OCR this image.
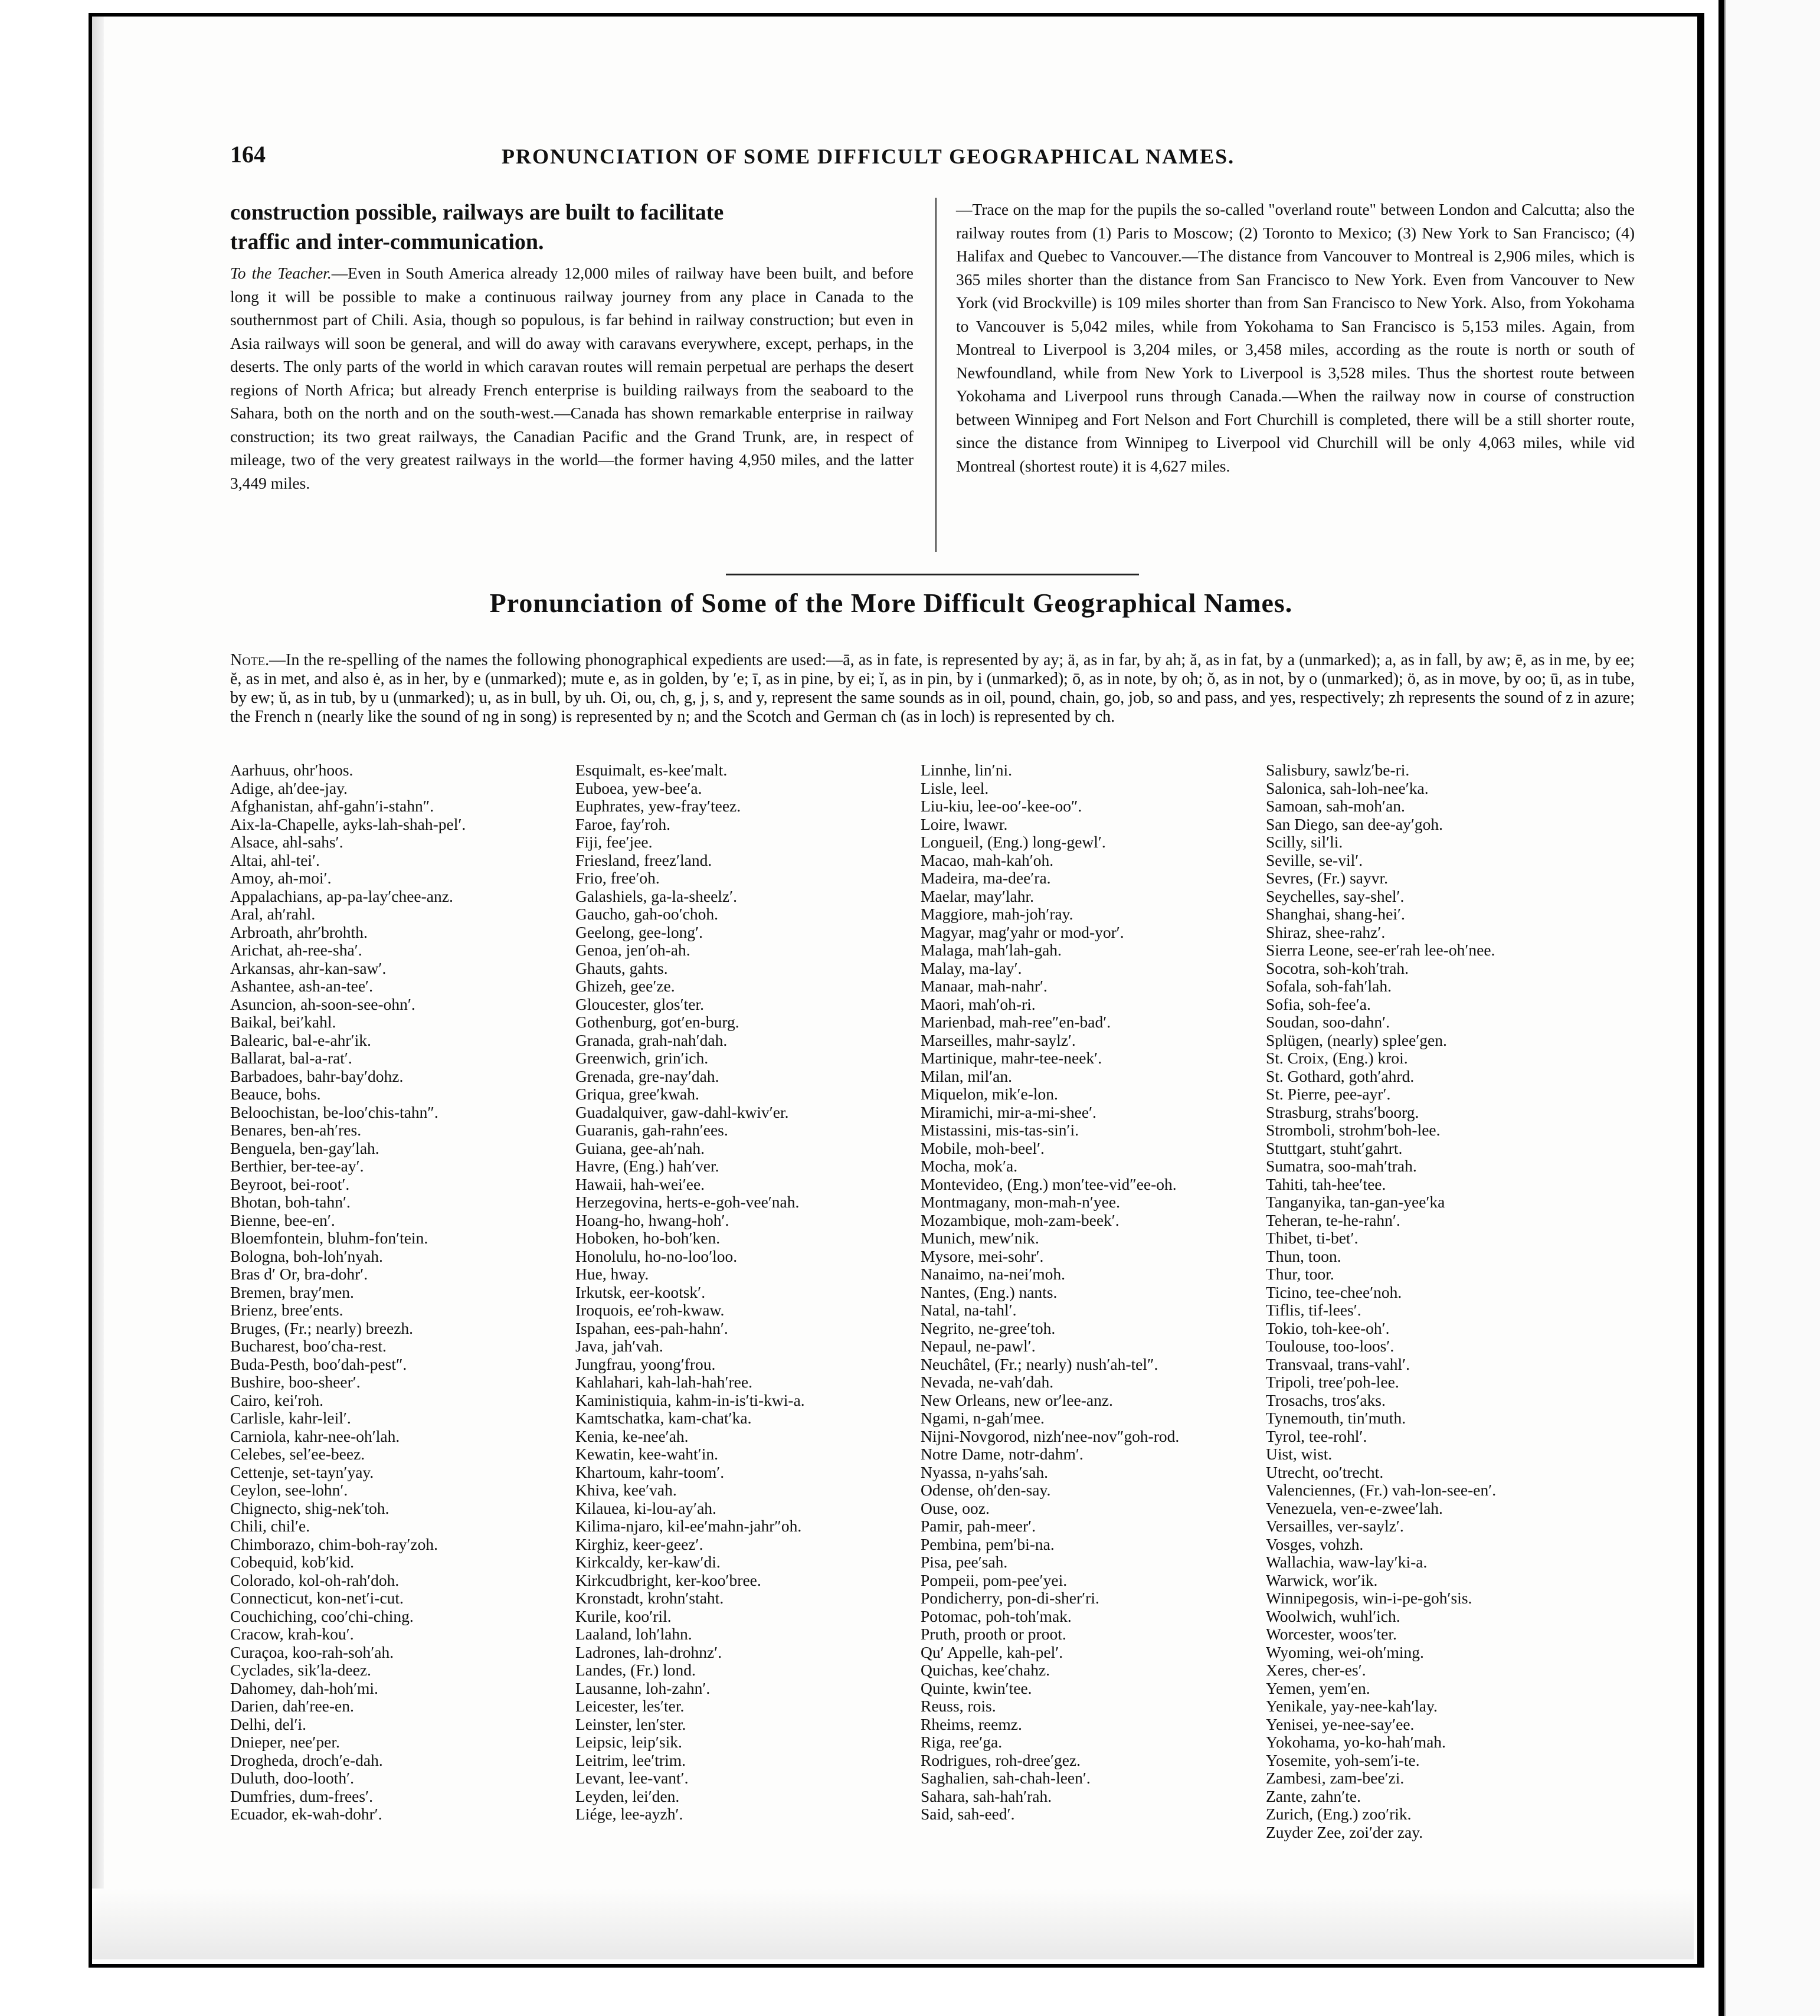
164	PRONUNCIATION OF SOME DIFFICULT GEOGRAPHICAL NAMES.
construction possible, railways are built to facilitate
traffic and inter-communication.

To the Teacher.—Even in South America already 12,000 miles of railway have been built, and before long it will be possible to make a continuous railway journey from any place in Canada to the southernmost part of Chili. Asia, though so populous, is far behind in railway construction; but even in Asia railways will soon be general, and will do away with caravans everywhere, except, perhaps, in the deserts. The only parts of the world in which caravan routes will remain perpetual are perhaps the desert regions of North Africa; but already French enterprise is building railways from the seaboard to the Sahara, both on the north and on the south-west.—Canada has shown remarkable enterprise in railway construction; its two great railways, the Canadian Pacific and the Grand Trunk, are, in respect of mileage, two of the very greatest railways in the world—the former having 4,950 miles, and the latter 3,449 miles.

—Trace on the map for the pupils the so-called "overland route" between London and Calcutta; also the railway routes from (1) Paris to Moscow; (2) Toronto to Mexico; (3) New York to San Francisco; (4) Halifax and Quebec to Vancouver.—The distance from Vancouver to Montreal is 2,906 miles, which is 365 miles shorter than the distance from San Francisco to New York. Even from Vancouver to New York (vid Brockville) is 109 miles shorter than from San Francisco to New York. Also, from Yokohama to Vancouver is 5,042 miles, while from Yokohama to San Francisco is 5,153 miles. Again, from Montreal to Liverpool is 3,204 miles, or 3,458 miles, according as the route is north or south of Newfoundland, while from New York to Liverpool is 3,528 miles. Thus the shortest route between Yokohama and Liverpool runs through Canada.—When the railway now in course of construction between Winnipeg and Fort Nelson and Fort Churchill is completed, there will be a still shorter route, since the distance from Winnipeg to Liverpool vid Churchill will be only 4,063 miles, while vid Montreal (shortest route) it is 4,627 miles.

Pronunciation of Some of the More Difficult Geographical Names.

Note.—In the re-spelling of the names the following phonographical expedients are used:—ā, as in fate, is represented by ay; ä, as in far, by ah; ă, as in fat, by a (unmarked); a, as in fall, by aw; ē, as in me, by ee; ĕ, as in met, and also ė, as in her, by e (unmarked); mute e, as in golden, by ′e; ī, as in pine, by ei; ĭ, as in pin, by i (unmarked); ō, as in note, by oh; ŏ, as in not, by o (unmarked); ö, as in move, by oo; ū, as in tube, by ew; ŭ, as in tub, by u (unmarked); u, as in bull, by uh. Oi, ou, ch, g, j, s, and y, represent the same sounds as in oil, pound, chain, go, job, so and pass, and yes, respectively; zh represents the sound of z in azure; the French n (nearly like the sound of ng in song) is represented by n; and the Scotch and German ch (as in loch) is represented by ch.

Aarhuus, ohr′hoos.
Adige, ah′dee-jay.
Afghanistan, ahf-gahn′i-stahn″.
Aix-la-Chapelle, ayks-lah-shah-pel′.
Alsace, ahl-sahs′.
Altai, ahl-tei′.
Amoy, ah-moi′.
Appalachians, ap-pa-lay′chee-anz.
Aral, ah′rahl.
Arbroath, ahr′brohth.
Arichat, ah-ree-sha′.
Arkansas, ahr-kan-saw′.
Ashantee, ash-an-tee′.
Asuncion, ah-soon-see-ohn′.
Baikal, bei′kahl.
Balearic, bal-e-ahr′ik.
Ballarat, bal-a-rat′.
Barbadoes, bahr-bay′dohz.
Beauce, bohs.
Beloochistan, be-loo′chis-tahn″.
Benares, ben-ah′res.
Benguela, ben-gay′lah.
Berthier, ber-tee-ay′.
Beyroot, bei-root′.
Bhotan, boh-tahn′.
Bienne, bee-en′.
Bloemfontein, bluhm-fon′tein.
Bologna, boh-loh′nyah.
Bras d′ Or, bra-dohr′.
Bremen, bray′men.
Brienz, bree′ents.
Bruges, (Fr.; nearly) breezh.
Bucharest, boo′cha-rest.
Buda-Pesth, boo′dah-pest″.
Bushire, boo-sheer′.
Cairo, kei′roh.
Carlisle, kahr-leil′.
Carniola, kahr-nee-oh′lah.
Celebes, sel′ee-beez.
Cettenje, set-tayn′yay.
Ceylon, see-lohn′.
Chignecto, shig-nek′toh.
Chili, chil′e.
Chimborazo, chim-boh-ray′zoh.
Cobequid, kob′kid.
Colorado, kol-oh-rah′doh.
Connecticut, kon-net′i-cut.
Couchiching, coo′chi-ching.
Cracow, krah-kou′.
Curaçoa, koo-rah-soh′ah.
Cyclades, sik′la-deez.
Dahomey, dah-hoh′mi.
Darien, dah′ree-en.
Delhi, del′i.
Dnieper, nee′per.
Drogheda, droch′e-dah.
Duluth, doo-looth′.
Dumfries, dum-frees′.
Ecuador, ek-wah-dohr′.
Esquimalt, es-kee′malt.
Euboea, yew-bee′a.
Euphrates, yew-fray′teez.
Faroe, fay′roh.
Fiji, fee′jee.
Friesland, freez′land.
Frio, free′oh.
Galashiels, ga-la-sheelz′.
Gaucho, gah-oo′choh.
Geelong, gee-long′.
Genoa, jen′oh-ah.
Ghauts, gahts.
Ghizeh, gee′ze.
Gloucester, glos′ter.
Gothenburg, got′en-burg.
Granada, grah-nah′dah.
Greenwich, grin′ich.
Grenada, gre-nay′dah.
Griqua, gree′kwah.
Guadalquiver, gaw-dahl-kwiv′er.
Guaranis, gah-rahn′ees.
Guiana, gee-ah′nah.
Havre, (Eng.) hah′ver.
Hawaii, hah-wei′ee.
Herzegovina, herts-e-goh-vee′nah.
Hoang-ho, hwang-hoh′.
Hoboken, ho-boh′ken.
Honolulu, ho-no-loo′loo.
Hue, hway.
Irkutsk, eer-kootsk′.
Iroquois, ee′roh-kwaw.
Ispahan, ees-pah-hahn′.
Java, jah′vah.
Jungfrau, yoong′frou.
Kahlahari, kah-lah-hah′ree.
Kaministiquia, kahm-in-is′ti-kwi-a.
Kamtschatka, kam-chat′ka.
Kenia, ke-nee′ah.
Kewatin, kee-waht′in.
Khartoum, kahr-toom′.
Khiva, kee′vah.
Kilauea, ki-lou-ay′ah.
Kilima-njaro, kil-ee′mahn-jahr″oh.
Kirghiz, keer-geez′.
Kirkcaldy, ker-kaw′di.
Kirkcudbright, ker-koo′bree.
Kronstadt, krohn′staht.
Kurile, koo′ril.
Laaland, loh′lahn.
Ladrones, lah-drohnz′.
Landes, (Fr.) lond.
Lausanne, loh-zahn′.
Leicester, les′ter.
Leinster, len′ster.
Leipsic, leip′sik.
Leitrim, lee′trim.
Levant, lee-vant′.
Leyden, lei′den.
Liége, lee-ayzh′.
Linnhe, lin′ni.
Lisle, leel.
Liu-kiu, lee-oo′-kee-oo″.
Loire, lwawr.
Longueil, (Eng.) long-gewl′.
Macao, mah-kah′oh.
Madeira, ma-dee′ra.
Maelar, may′lahr.
Maggiore, mah-joh′ray.
Magyar, mag′yahr or mod-yor′.
Malaga, mah′lah-gah.
Malay, ma-lay′.
Manaar, mah-nahr′.
Maori, mah′oh-ri.
Marienbad, mah-ree″en-bad′.
Marseilles, mahr-saylz′.
Martinique, mahr-tee-neek′.
Milan, mil′an.
Miquelon, mik′e-lon.
Miramichi, mir-a-mi-shee′.
Mistassini, mis-tas-sin′i.
Mobile, moh-beel′.
Mocha, mok′a.
Montevideo, (Eng.) mon′tee-vid″ee-oh.
Montmagany, mon-mah-n′yee.
Mozambique, moh-zam-beek′.
Munich, mew′nik.
Mysore, mei-sohr′.
Nanaimo, na-nei′moh.
Nantes, (Eng.) nants.
Natal, na-tahl′.
Negrito, ne-gree′toh.
Nepaul, ne-pawl′.
Neuchâtel, (Fr.; nearly) nush′ah-tel″.
Nevada, ne-vah′dah.
New Orleans, new or′lee-anz.
Ngami, n-gah′mee.
Nijni-Novgorod, nizh′nee-nov″goh-rod.
Notre Dame, notr-dahm′.
Nyassa, n-yahs′sah.
Odense, oh′den-say.
Ouse, ooz.
Pamir, pah-meer′.
Pembina, pem′bi-na.
Pisa, pee′sah.
Pompeii, pom-pee′yei.
Pondicherry, pon-di-sher′ri.
Potomac, poh-toh′mak.
Pruth, prooth or proot.
Qu′ Appelle, kah-pel′.
Quichas, kee′chahz.
Quinte, kwin′tee.
Reuss, rois.
Rheims, reemz.
Riga, ree′ga.
Rodrigues, roh-dree′gez.
Saghalien, sah-chah-leen′.
Sahara, sah-hah′rah.
Said, sah-eed′.
Salisbury, sawlz′be-ri.
Salonica, sah-loh-nee′ka.
Samoan, sah-moh′an.
San Diego, san dee-ay′goh.
Scilly, sil′li.
Seville, se-vil′.
Sevres, (Fr.) sayvr.
Seychelles, say-shel′.
Shanghai, shang-hei′.
Shiraz, shee-rahz′.
Sierra Leone, see-er′rah lee-oh′nee.
Socotra, soh-koh′trah.
Sofala, soh-fah′lah.
Sofia, soh-fee′a.
Soudan, soo-dahn′.
Splügen, (nearly) splee′gen.
St. Croix, (Eng.) kroi.
St. Gothard, goth′ahrd.
St. Pierre, pee-ayr′.
Strasburg, strahs′boorg.
Stromboli, strohm′boh-lee.
Stuttgart, stuht′gahrt.
Sumatra, soo-mah′trah.
Tahiti, tah-hee′tee.
Tanganyika, tan-gan-yee′ka
Teheran, te-he-rahn′.
Thibet, ti-bet′.
Thun, toon.
Thur, toor.
Ticino, tee-chee′noh.
Tiflis, tif-lees′.
Tokio, toh-kee-oh′.
Toulouse, too-loos′.
Transvaal, trans-vahl′.
Tripoli, tree′poh-lee.
Trosachs, tros′aks.
Tynemouth, tin′muth.
Tyrol, tee-rohl′.
Uist, wist.
Utrecht, oo′trecht.
Valenciennes, (Fr.) vah-lon-see-en′.
Venezuela, ven-e-zwee′lah.
Versailles, ver-saylz′.
Vosges, vohzh.
Wallachia, waw-lay′ki-a.
Warwick, wor′ik.
Winnipegosis, win-i-pe-goh′sis.
Woolwich, wuhl′ich.
Worcester, woos′ter.
Wyoming, wei-oh′ming.
Xeres, cher-es′.
Yemen, yem′en.
Yenikale, yay-nee-kah′lay.
Yenisei, ye-nee-say′ee.
Yokohama, yo-ko-hah′mah.
Yosemite, yoh-sem′i-te.
Zambesi, zam-bee′zi.
Zante, zahn′te.
Zurich, (Eng.) zoo′rik.
Zuyder Zee, zoi′der zay.
